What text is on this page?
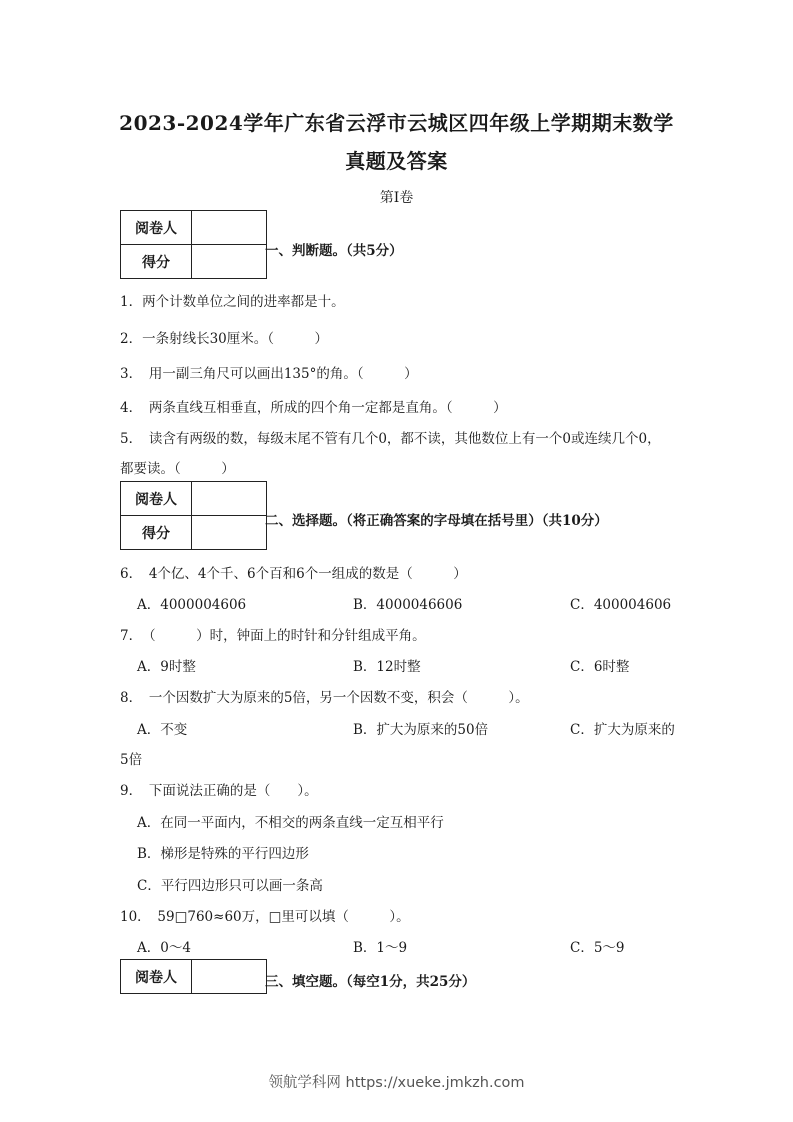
2023-2024学年广东省云浮市云城区四年级上学期期末数学
真题及答案
第Ⅰ卷
阅卷人	
得分	
一、判断题。（共5分）
1．两个计数单位之间的进率都是十。
2．一条射线长30厘米。（　　　）
3．　用一副三角尺可以画出135°的角。（　　　）
4．　两条直线互相垂直，所成的四个角一定都是直角。（　　　）
5．　读含有两级的数，每级末尾不管有几个0，都不读，其他数位上有一个0或连续几个0，
都要读。（　　　）
阅卷人	
得分	
二、选择题。（将正确答案的字母填在括号里）（共10分）
6．　4个亿、4个千、6个百和6个一组成的数是（　　　）
A．4000004606	B．4000046606	C．400004606
7．　（　　　）时，钟面上的时针和分针组成平角。
A．9时整	B．12时整	C．6时整
8．　一个因数扩大为原来的5倍，另一个因数不变，积会（　　　）。
A．不变	B．扩大为原来的50倍	C．扩大为原来的
5倍
9．　下面说法正确的是（　　）。
A．在同一平面内，不相交的两条直线一定互相平行
B．梯形是特殊的平行四边形
C．平行四边形只可以画一条高
10．　59□760≈60万，□里可以填（　　　）。
A．0～4	B．1～9	C．5～9
阅卷人		三、填空题。（每空1分，共25分）
领航学科网 https://xueke.jmkzh.com
